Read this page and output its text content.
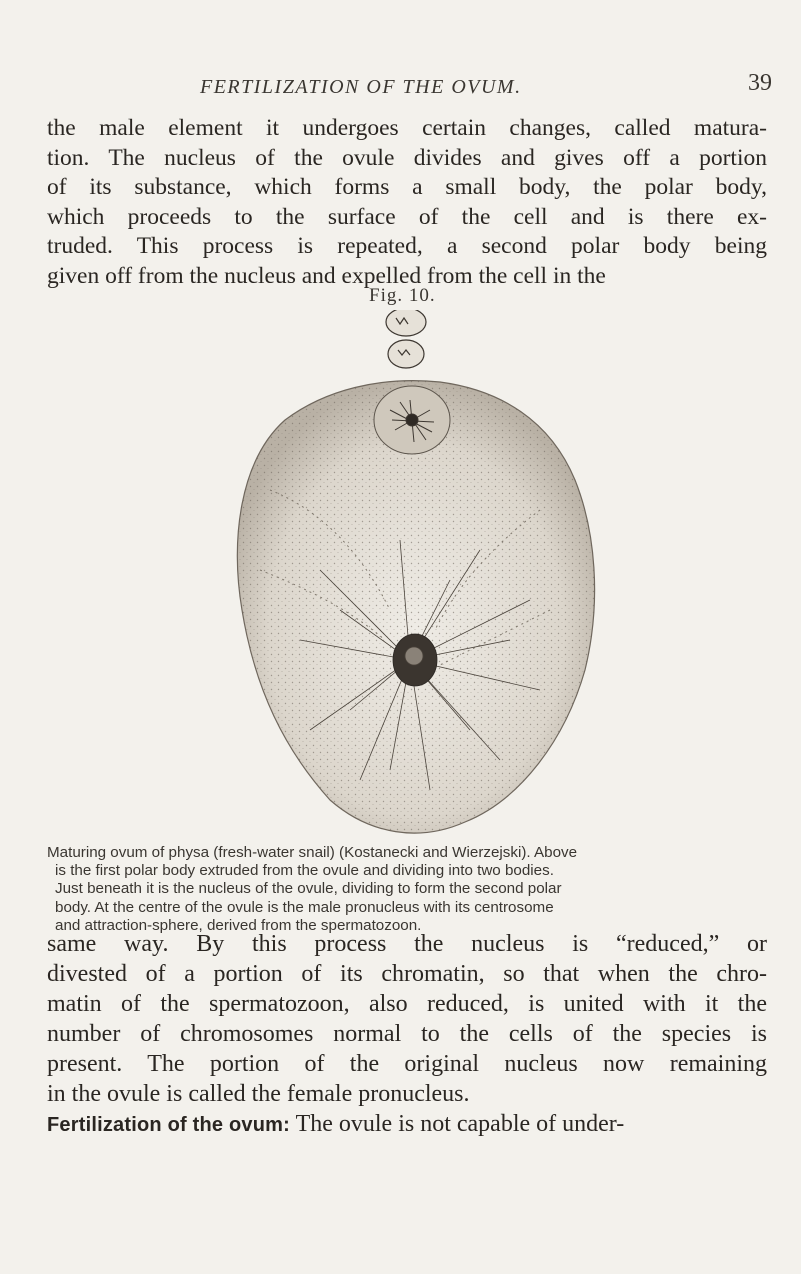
FERTILIZATION OF THE OVUM.	39
the male element it undergoes certain changes, called matura-
tion. The nucleus of the ovule divides and gives off a portion
of its substance, which forms a small body, the polar body,
which proceeds to the surface of the cell and is there ex-
truded. This process is repeated, a second polar body being
given off from the nucleus and expelled from the cell in the
Fig. 10.
Maturing ovum of physa (fresh-water snail) (Kostanecki and Wierzejski). Above
is the first polar body extruded from the ovule and dividing into two bodies.
Just beneath it is the nucleus of the ovule, dividing to form the second polar
body. At the centre of the ovule is the male pronucleus with its centrosome
and attraction-sphere, derived from the spermatozoon.
same way. By this process the nucleus is “reduced,” or
divested of a portion of its chromatin, so that when the chro-
matin of the spermatozoon, also reduced, is united with it the
number of chromosomes normal to the cells of the species is
present. The portion of the original nucleus now remaining
in the ovule is called the female pronucleus.
Fertilization of the ovum: The ovule is not capable of under-
